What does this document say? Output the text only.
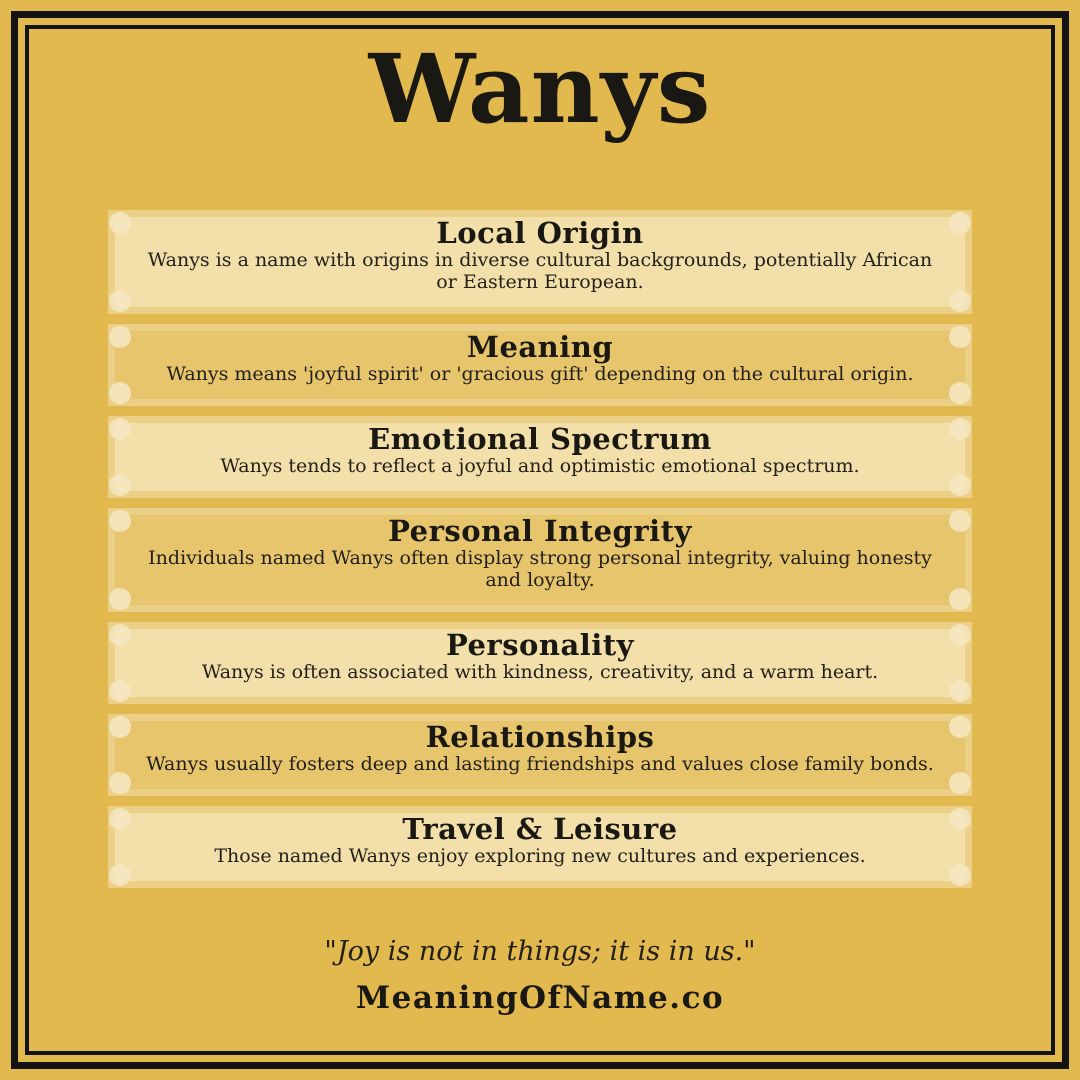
Wanys
Local Origin

Wanys is a name with origins in diverse cultural backgrounds, potentially African or Eastern European.

Meaning

Wanys means 'joyful spirit' or 'gracious gift' depending on the cultural origin.

Emotional Spectrum

Wanys tends to reflect a joyful and optimistic emotional spectrum.

Personal Integrity

Individuals named Wanys often display strong personal integrity, valuing honesty and loyalty.

Personality

Wanys is often associated with kindness, creativity, and a warm heart.

Relationships

Wanys usually fosters deep and lasting friendships and values close family bonds.

Travel & Leisure

Those named Wanys enjoy exploring new cultures and experiences.

"Joy is not in things; it is in us."
MeaningOfName.co
